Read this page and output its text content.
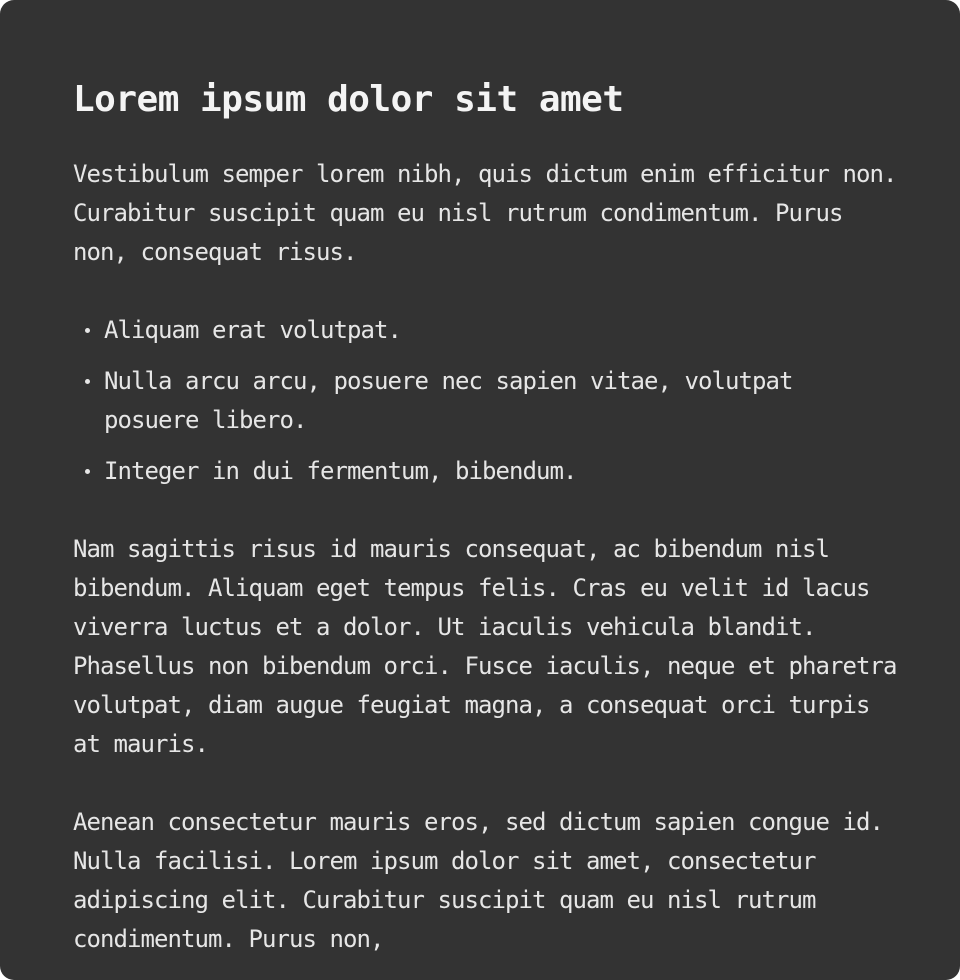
Lorem ipsum dolor sit amet

Vestibulum semper lorem nibh, quis dictum enim efficitur non. Curabitur suscipit quam eu nisl rutrum condimentum. Purus non, consequat risus.

Aliquam erat volutpat.
Nulla arcu arcu, posuere nec sapien vitae, volutpat posuere libero.
Integer in dui fermentum, bibendum.

Nam sagittis risus id mauris consequat, ac bibendum nisl bibendum. Aliquam eget tempus felis. Cras eu velit id lacus viverra luctus et a dolor. Ut iaculis vehicula blandit. Phasellus non bibendum orci. Fusce iaculis, neque et pharetra volutpat, diam augue feugiat magna, a consequat orci turpis at mauris.

Aenean consectetur mauris eros, sed dictum sapien congue id. Nulla facilisi. Lorem ipsum dolor sit amet, consectetur adipiscing elit. Curabitur suscipit quam eu nisl rutrum condimentum. Purus non,
